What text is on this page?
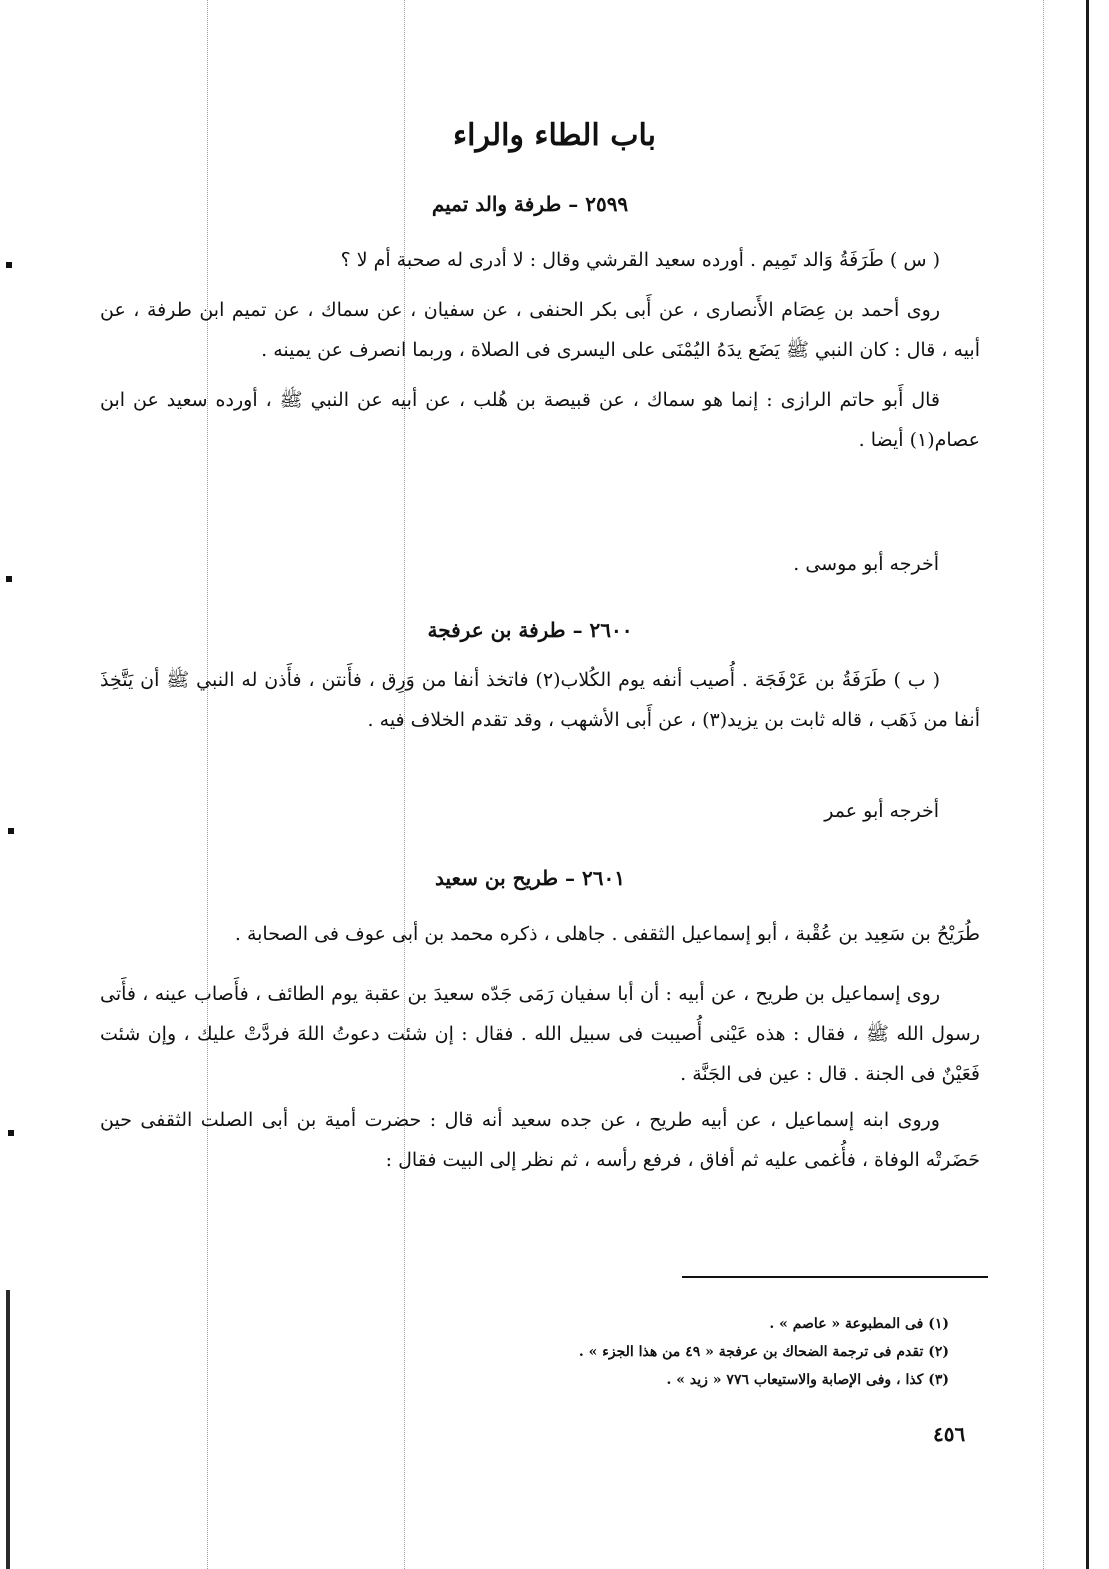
باب الطاء والراء
٢٥٩٩ – طرفة والد تميم

( س ) طَرَفَةُ وَالد تَمِيم . أورده سعيد القرشي وقال : لا أدرى له صحبة أم لا ؟

روى أحمد بن عِصَام الأَنصارى ، عن أَبى بكر الحنفى ، عن سفيان ، عن سماك ، عن تميم ابن طرفة ، عن أبيه ، قال : كان النبي ﷺ يَضَع يدَهُ اليُمْنَى على اليسرى فى الصلاة ، وربما انصرف عن يمينه .

قال أَبو حاتم الرازى : إنما هو سماك ، عن قبيصة بن هُلب ، عن أبيه عن النبي ﷺ ، أورده سعيد عن ابن عصام(١) أيضا .

أخرجه أبو موسى .
٢٦٠٠ – طرفة بن عرفجة

( ب ) طَرَفَةُ بن عَرْفَجَة . أُصيب أنفه يوم الكُلاب(٢) فاتخذ أنفا من وَرِق ، فأَنتن ، فأَذن له النبي ﷺ أن يَتَّخِذَ أنفا من ذَهَب ، قاله ثابت بن يزيد(٣) ، عن أَبى الأشهب ، وقد تقدم الخلاف فيه .

أخرجه أبو عمر
٢٦٠١ – طريح بن سعيد

طُرَيْحُ بن سَعِيد بن عُقْبة ، أبو إسماعيل الثقفى . جاهلى ، ذكره محمد بن أبى عوف فى الصحابة .

روى إسماعيل بن طريح ، عن أبيه : أن أبا سفيان رَمَى جَدّه سعيدَ بن عقبة يوم الطائف ، فأَصاب عينه ، فأَتى رسول الله ﷺ ، فقال : هذه عَيْنى أُصيبت فى سبيل الله . فقال : إن شئت دعوتُ اللهَ فردَّتْ عليك ، وإن شئت فَعَيْنٌ فى الجنة . قال : عين فى الجَنَّة .

وروى ابنه إسماعيل ، عن أبيه طريح ، عن جده سعيد أنه قال : حضرت أمية بن أبى الصلت الثقفى حين حَضَرتْه الوفاة ، فأُغمى عليه ثم أفاق ، فرفع رأسه ، ثم نظر إلى البيت فقال :

(١) فى المطبوعة « عاصم » .
(٢) تقدم فى ترجمة الضحاك بن عرفجة « ٤٩ من هذا الجزء » .
(٣) كذا ، وفى الإصابة والاستيعاب ٧٧٦ « زيد » .
٤٥٦
